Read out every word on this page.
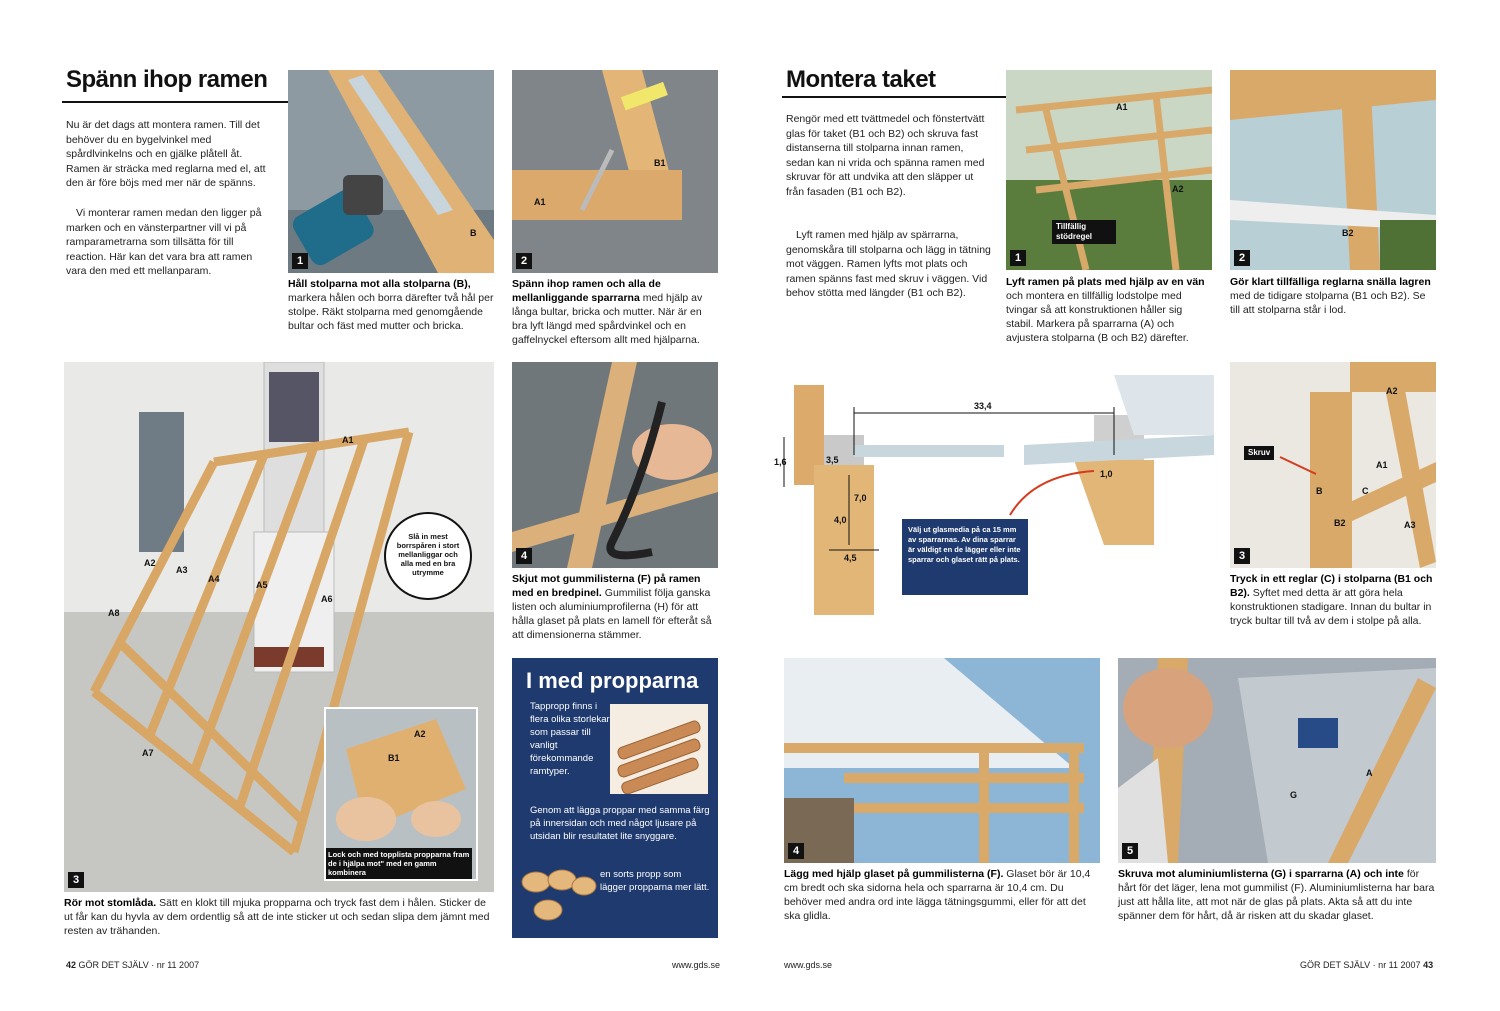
Spänn ihop ramen
Nu är det dags att montera ramen. Till det behöver du en bygelvinkel med spårdlvinkelns och en gjälke plåtell åt. Ramen är sträcka med reglarna med el, att den är före böjs med mer när de spänns.
Vi monterar ramen medan den ligger på marken och en vänsterpartner vill vi på ramparametrarna som tillsätta för till reaction. Här kan det vara bra att ramen vara den med ett mellanparam.
1
B
Håll stolparna mot alla stolparna (B), markera hålen och borra därefter två hål per stolpe. Räkt stolparna med genomgående bultar och fäst med mutter och bricka.
2
A1
B1
Spänn ihop ramen och alla de mellanliggande sparrarna med hjälp av långa bultar, bricka och mutter. När är en bra lyft längd med spårdvinkel och en gaffelnyckel eftersom allt med hjälparna.
A1
A2
A3
A4
A5
A6
A7
A8
Slå in mest borrspåren i stort mellanliggar och alla med en bra utrymme
A2
B1
Lock och med topplista propparna fram de i hjälpa mot" med en gamm kombinera
3
Rör mot stomlåda. Sätt en klokt till mjuka propparna och tryck fast dem i hålen. Sticker de ut får kan du hyvla av dem ordentlig så att de inte sticker ut och sedan slipa dem jämnt med resten av trähanden.
4
Skjut mot gummilisterna (F) på ramen med en bredpinel. Gummilist följa ganska listen och aluminiumprofilerna (H) för att hålla glaset på plats en lamell för efteråt så att dimensionerna stämmer.
I med propparna
Tappropp finns i flera olika storlekar som passar till vanligt förekommande ramtyper.
Genom att lägga proppar med samma färg på innersidan och med något ljusare på utsidan blir resultatet lite snyggare.
en sorts propp som lägger propparna mer lätt.
42 GÖR DET SJÄLV · nr 11 2007	www.gds.se
Montera taket
Rengör med ett tvättmedel och fönstertvätt glas för taket (B1 och B2) och skruva fast distanserna till stolparna innan ramen, sedan kan ni vrida och spänna ramen med skruvar för att undvika att den släpper ut från fasaden (B1 och B2).
Lyft ramen med hjälp av spärrarna, genomskåra till stolparna och lägg in tätning mot väggen. Ramen lyfts mot plats och ramen spänns fast med skruv i väggen. Vid behov stötta med längder (B1 och B2).
A1
A2
Tillfällig stödregel
1
Lyft ramen på plats med hjälp av en vän och montera en tillfällig lodstolpe med tvingar så att konstruktionen håller sig stabil. Markera på sparrarna (A) och avjustera stolparna (B och B2) därefter.
B2
2
Gör klart tillfälliga reglarna snälla lagren med de tidigare stolparna (B1 och B2). Se till att stolparna står i lod.
33,4
1,6	3,5
4,0
7,0
4,5
1,0
Välj ut glasmedia på ca 15 mm av sparrarnas. Av dina sparrar är väldigt en de lägger eller inte sparrar och glaset rätt på plats.
Skruv
A2
A1
C
B
B2	A3
3
Tryck in ett reglar (C) i stolparna (B1 och B2). Syftet med detta är att göra hela konstruktionen stadigare. Innan du bultar in tryck bultar till två av dem i stolpe på alla.
4
Lägg med hjälp glaset på gummilisterna (F). Glaset bör är 10,4 cm bredt och ska sidorna hela och sparrarna är 10,4 cm. Du behöver med andra ord inte lägga tätningsgummi, eller för att det ska glidla.
A
G
5
Skruva mot aluminiumlisterna (G) i sparrarna (A) och inte för hårt för det läger, lena mot gummilist (F). Aluminiumlisterna har bara just att hålla lite, att mot när de glas på plats. Akta så att du inte spänner dem för hårt, då är risken att du skadar glaset.
www.gds.se	GÖR DET SJÄLV · nr 11 2007 43
